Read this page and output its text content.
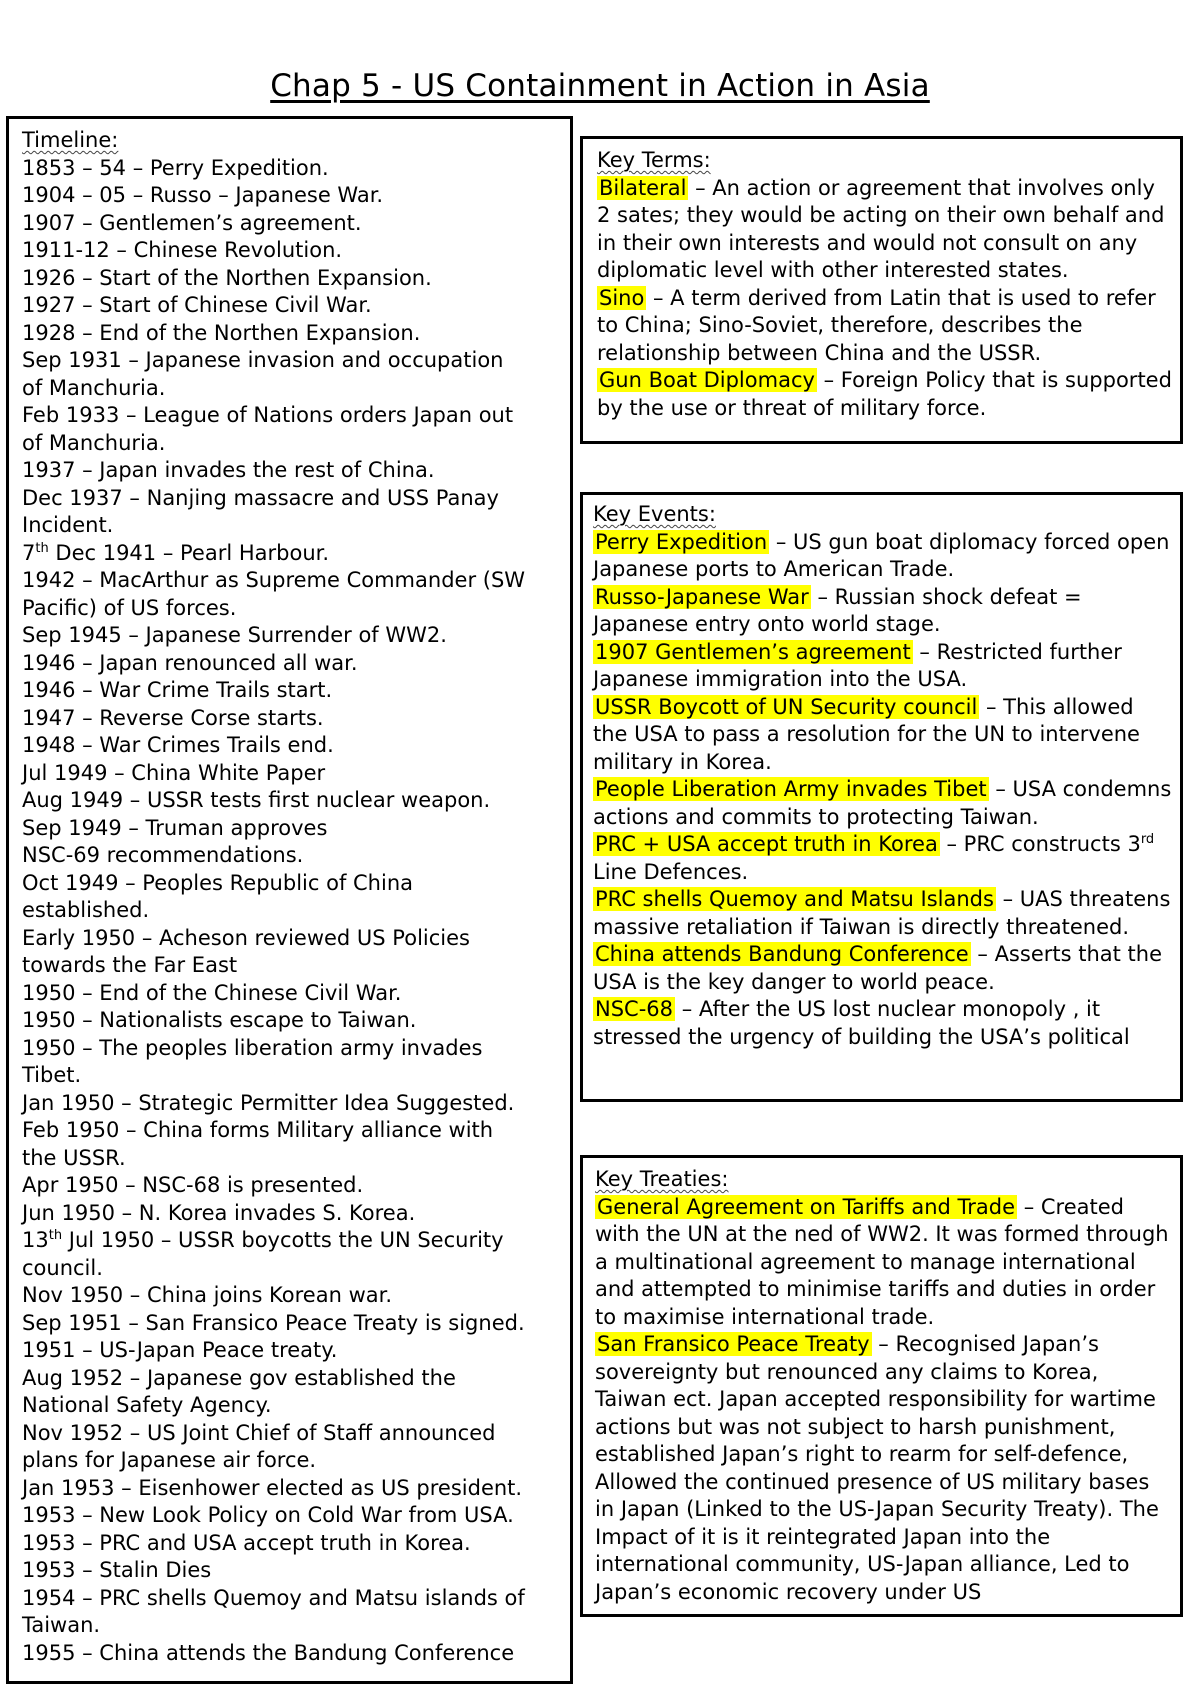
Chap 5 - US Containment in Action in Asia
Timeline:
1853 – 54 – Perry Expedition.
1904 – 05 – Russo – Japanese War.
1907 – Gentlemen’s agreement.
1911-12 – Chinese Revolution.
1926 – Start of the Northen Expansion.
1927 – Start of Chinese Civil War.
1928 – End of the Northen Expansion.
Sep 1931 – Japanese invasion and occupation
of Manchuria.
Feb 1933 – League of Nations orders Japan out
of Manchuria.
1937 – Japan invades the rest of China.
Dec 1937 – Nanjing massacre and USS Panay
Incident.
7th Dec 1941 – Pearl Harbour.
1942 – MacArthur as Supreme Commander (SW
Pacific) of US forces.
Sep 1945 – Japanese Surrender of WW2.
1946 – Japan renounced all war.
1946 – War Crime Trails start.
1947 – Reverse Corse starts.
1948 – War Crimes Trails end.
Jul 1949 – China White Paper
Aug 1949 – USSR tests first nuclear weapon.
Sep 1949 – Truman approves
NSC-69 recommendations.
Oct 1949 – Peoples Republic of China
established.
Early 1950 – Acheson reviewed US Policies
towards the Far East
1950 – End of the Chinese Civil War.
1950 – Nationalists escape to Taiwan.
1950 – The peoples liberation army invades
Tibet.
Jan 1950 – Strategic Permitter Idea Suggested.
Feb 1950 – China forms Military alliance with
the USSR.
Apr 1950 – NSC-68 is presented.
Jun 1950 – N. Korea invades S. Korea.
13th Jul 1950 – USSR boycotts the UN Security
council.
Nov 1950 – China joins Korean war.
Sep 1951 – San Fransico Peace Treaty is signed.
1951 – US-Japan Peace treaty.
Aug 1952 – Japanese gov established the
National Safety Agency.
Nov 1952 – US Joint Chief of Staff announced
plans for Japanese air force.
Jan 1953 – Eisenhower elected as US president.
1953 – New Look Policy on Cold War from USA.
1953 – PRC and USA accept truth in Korea.
1953 – Stalin Dies
1954 – PRC shells Quemoy and Matsu islands of
Taiwan.
1955 – China attends the Bandung Conference
Key Terms:
Bilateral – An action or agreement that involves only 2 sates; they would be acting on their own behalf and in their own interests and would not consult on any diplomatic level with other interested states.
Sino – A term derived from Latin that is used to refer to China; Sino-Soviet, therefore, describes the relationship between China and the USSR.
Gun Boat Diplomacy – Foreign Policy that is supported by the use or threat of military force.
Key Events:
Perry Expedition – US gun boat diplomacy forced open Japanese ports to American Trade.
Russo-Japanese War – Russian shock defeat = Japanese entry onto world stage.
1907 Gentlemen’s agreement – Restricted further Japanese immigration into the USA.
USSR Boycott of UN Security council – This allowed the USA to pass a resolution for the UN to intervene military in Korea.
People Liberation Army invades Tibet – USA condemns actions and commits to protecting Taiwan.
PRC + USA accept truth in Korea – PRC constructs 3rd Line Defences.
PRC shells Quemoy and Matsu Islands – UAS threatens massive retaliation if Taiwan is directly threatened.
China attends Bandung Conference – Asserts that the USA is the key danger to world peace.
NSC-68 – After the US lost nuclear monopoly , it stressed the urgency of building the USA’s political
Key Treaties:
General Agreement on Tariffs and Trade – Created with the UN at the ned of WW2. It was formed through a multinational agreement to manage international and attempted to minimise tariffs and duties in order to maximise international trade.
San Fransico Peace Treaty – Recognised Japan’s sovereignty but renounced any claims to Korea, Taiwan ect. Japan accepted responsibility for wartime actions but was not subject to harsh punishment, established Japan’s right to rearm for self-defence, Allowed the continued presence of US military bases in Japan (Linked to the US-Japan Security Treaty). The Impact of it is it reintegrated Japan into the international community, US-Japan alliance, Led to Japan’s economic recovery under US
